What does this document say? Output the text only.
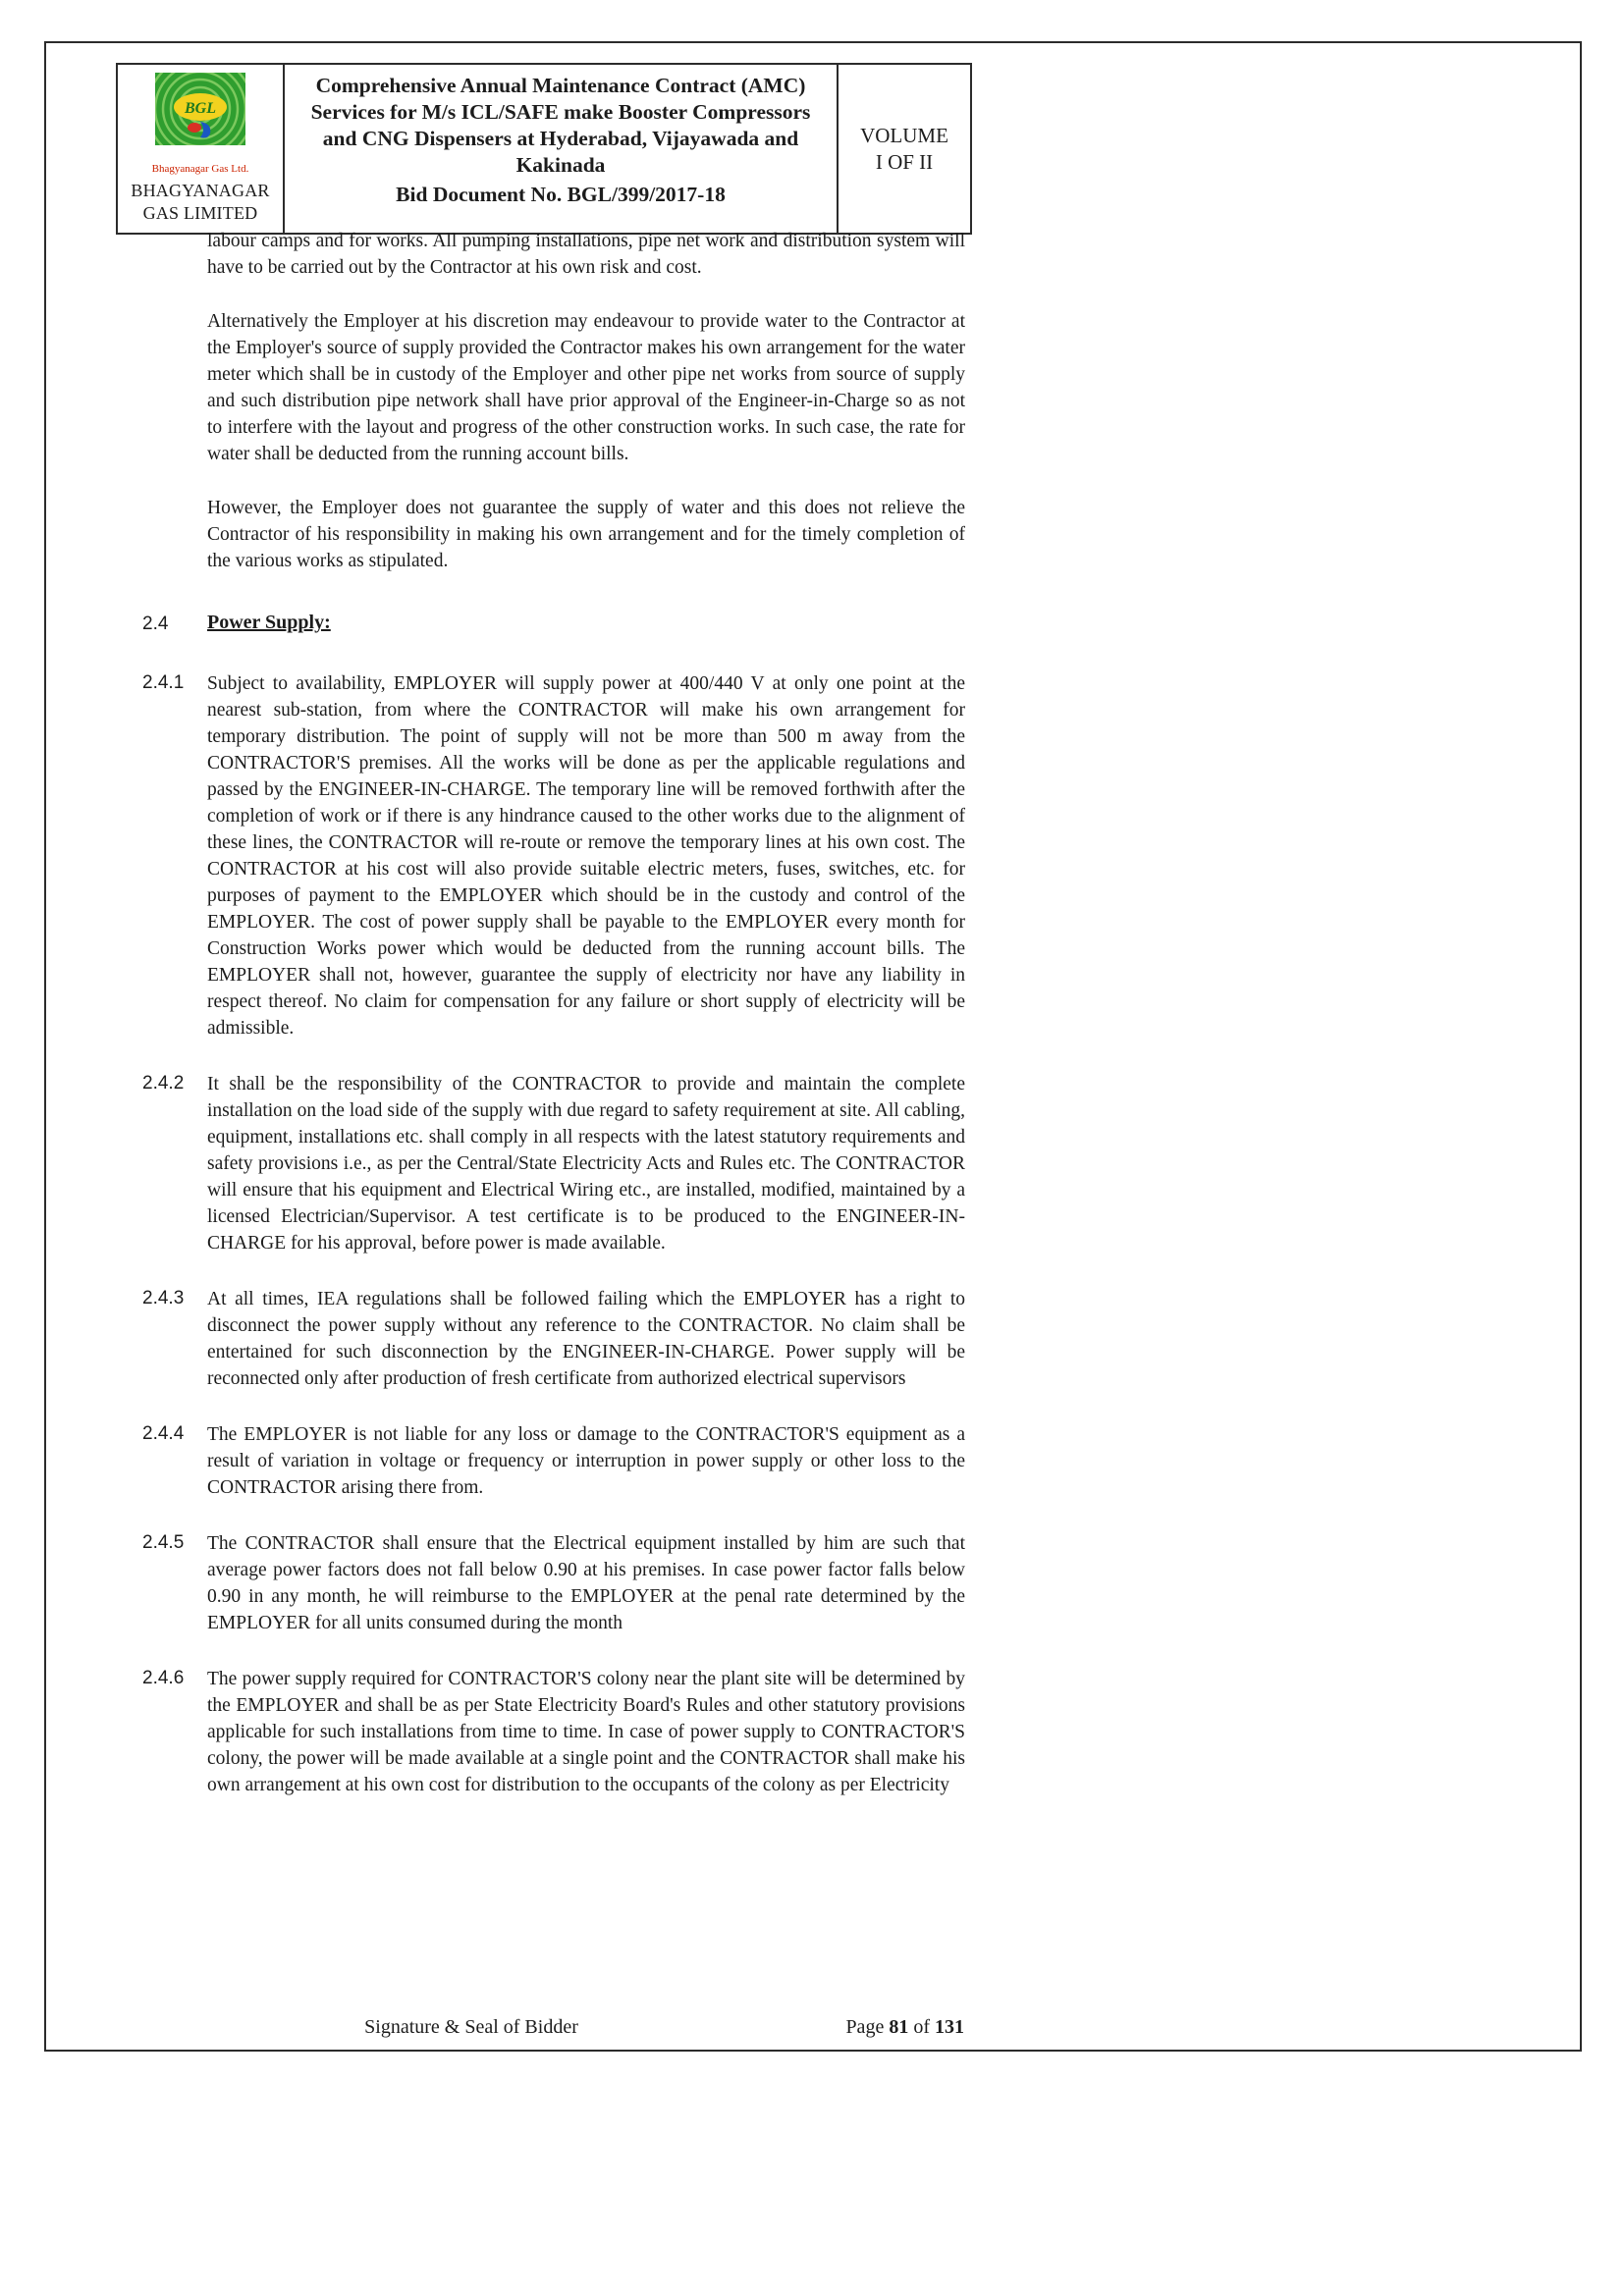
BGL
Bhagyanagar Gas Ltd.
BHAGYANAGAR
GAS LIMITED
Comprehensive Annual Maintenance Contract (AMC) Services for M/s ICL/SAFE make Booster Compressors and CNG Dispensers at Hyderabad, Vijayawada and Kakinada
Bid Document No. BGL/399/2017-18
VOLUME
I OF II

labour camps and for works. All pumping installations, pipe net work and distribution system will have to be carried out by the Contractor at his own risk and cost.

Alternatively the Employer at his discretion may endeavour to provide water to the Contractor at the Employer's source of supply provided the Contractor makes his own arrangement for the water meter which shall be in custody of the Employer and other pipe net works from source of supply and such distribution pipe network shall have prior approval of the Engineer-in-Charge so as not to interfere with the layout and progress of the other construction works. In such case, the rate for water shall be deducted from the running account bills.

However, the Employer does not guarantee the supply of water and this does not relieve the Contractor of his responsibility in making his own arrangement and for the timely completion of the various works as stipulated.

2.4	Power Supply:
2.4.1	Subject to availability, EMPLOYER will supply power at 400/440 V at only one point at the nearest sub-station, from where the CONTRACTOR will make his own arrangement for temporary distribution. The point of supply will not be more than 500 m away from the CONTRACTOR'S premises. All the works will be done as per the applicable regulations and passed by the ENGINEER-IN-CHARGE. The temporary line will be removed forthwith after the completion of work or if there is any hindrance caused to the other works due to the alignment of these lines, the CONTRACTOR will re-route or remove the temporary lines at his own cost. The CONTRACTOR at his cost will also provide suitable electric meters, fuses, switches, etc. for purposes of payment to the EMPLOYER which should be in the custody and control of the EMPLOYER. The cost of power supply shall be payable to the EMPLOYER every month for Construction Works power which would be deducted from the running account bills. The EMPLOYER shall not, however, guarantee the supply of electricity nor have any liability in respect thereof. No claim for compensation for any failure or short supply of electricity will be admissible.
2.4.2	It shall be the responsibility of the CONTRACTOR to provide and maintain the complete installation on the load side of the supply with due regard to safety requirement at site. All cabling, equipment, installations etc. shall comply in all respects with the latest statutory requirements and safety provisions i.e., as per the Central/State Electricity Acts and Rules etc. The CONTRACTOR will ensure that his equipment and Electrical Wiring etc., are installed, modified, maintained by a licensed Electrician/Supervisor. A test certificate is to be produced to the ENGINEER-IN-CHARGE for his approval, before power is made available.
2.4.3	At all times, IEA regulations shall be followed failing which the EMPLOYER has a right to disconnect the power supply without any reference to the CONTRACTOR. No claim shall be entertained for such disconnection by the ENGINEER-IN-CHARGE. Power supply will be reconnected only after production of fresh certificate from authorized electrical supervisors
2.4.4	The EMPLOYER is not liable for any loss or damage to the CONTRACTOR'S equipment as a result of variation in voltage or frequency or interruption in power supply or other loss to the CONTRACTOR arising there from.
2.4.5	The CONTRACTOR shall ensure that the Electrical equipment installed by him are such that average power factors does not fall below 0.90 at his premises. In case power factor falls below 0.90 in any month, he will reimburse to the EMPLOYER at the penal rate determined by the EMPLOYER for all units consumed during the month
2.4.6	The power supply required for CONTRACTOR'S colony near the plant site will be determined by the EMPLOYER and shall be as per State Electricity Board's Rules and other statutory provisions applicable for such installations from time to time. In case of power supply to CONTRACTOR'S colony, the power will be made available at a single point and the CONTRACTOR shall make his own arrangement at his own cost for distribution to the occupants of the colony as per Electricity
Signature & Seal of Bidder	Page 81 of 131
